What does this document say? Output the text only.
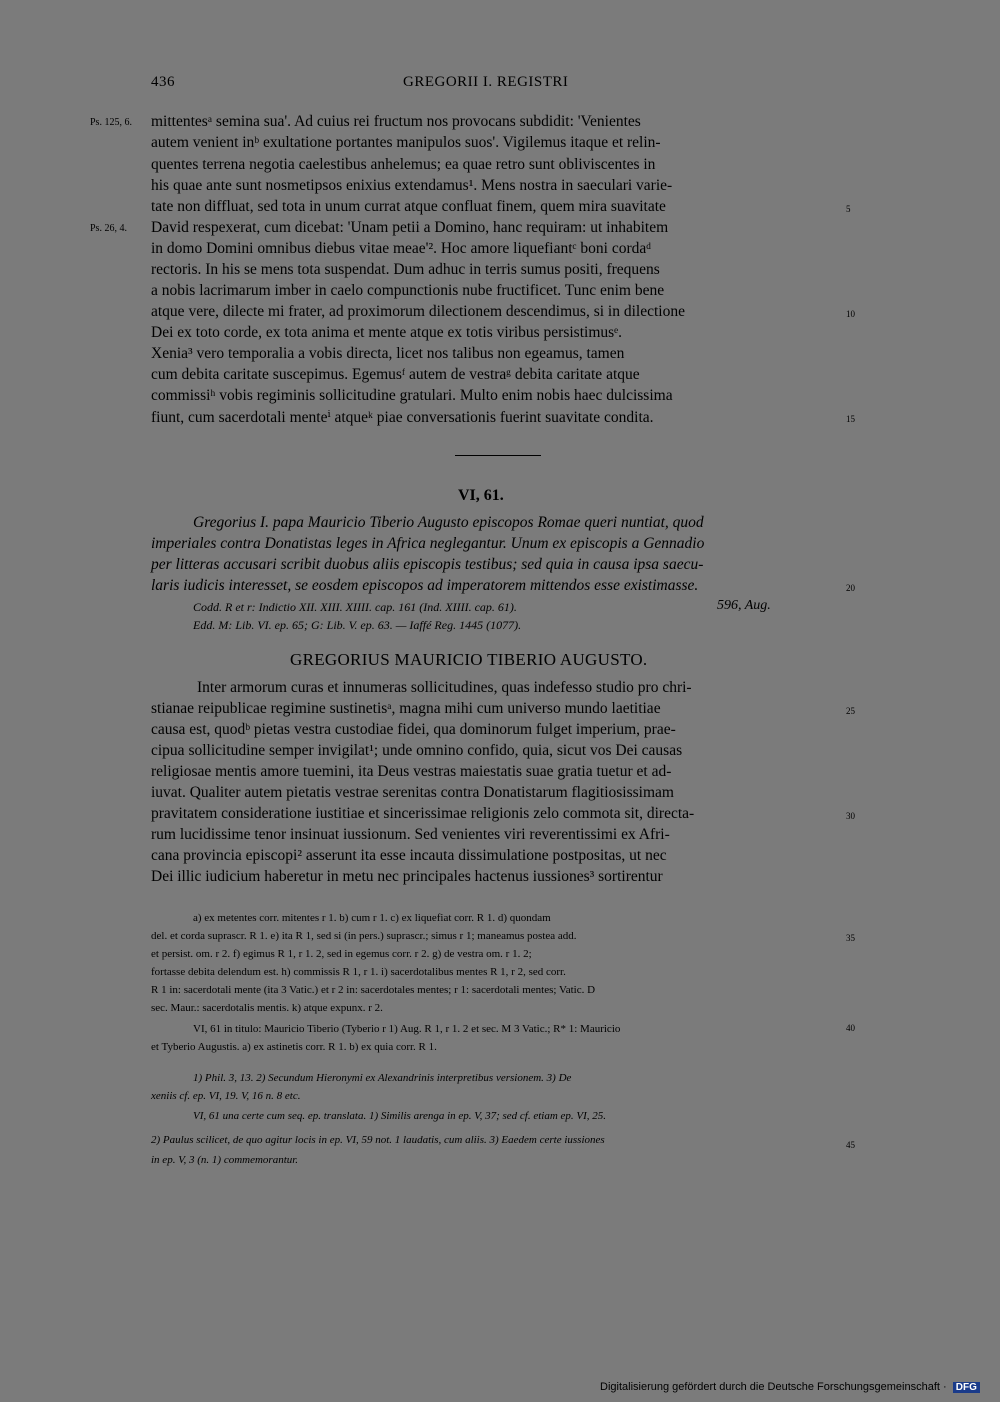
436	GREGORII I. REGISTRI
mittentesᵃ semina sua'. Ad cuius rei fructum nos provocans subdidit: 'Venientes
autem venient inᵇ exultatione portantes manipulos suos'. Vigilemus itaque et relin-
quentes terrena negotia caelestibus anhelemus; ea quae retro sunt obliviscentes in
his quae ante sunt nosmetipsos enixius extendamus¹. Mens nostra in saeculari varie-
tate non diffluat, sed tota in unum currat atque confluat finem, quem mira suavitate
David respexerat, cum dicebat: 'Unam petii a Domino, hanc requiram: ut inhabitem
in domo Domini omnibus diebus vitae meae'². Hoc amore liquefiantᶜ boni cordaᵈ
rectoris. In his se mens tota suspendat. Dum adhuc in terris sumus positi, frequens
a nobis lacrimarum imber in caelo compunctionis nube fructificet. Tunc enim bene
atque vere, dilecte mi frater, ad proximorum dilectionem descendimus, si in dilectione
Dei ex toto corde, ex tota anima et mente atque ex totis viribus persistimusᵉ.
Xenia³ vero temporalia a vobis directa, licet nos talibus non egeamus, tamen
cum debita caritate suscepimus. Egemusᶠ autem de vestraᵍ debita caritate atque
commissiʰ vobis regiminis sollicitudine gratulari. Multo enim nobis haec dulcissima
fiunt, cum sacerdotali menteⁱ atqueᵏ piae conversationis fuerint suavitate condita.
Ps. 125, 6.
Ps. 26, 4.
5
10
15
VI, 61.
Gregorius I. papa Mauricio Tiberio Augusto episcopos Romae queri nuntiat, quod
imperiales contra Donatistas leges in Africa neglegantur. Unum ex episcopis a Gennadio
per litteras accusari scribit duobus aliis episcopis testibus; sed quia in causa ipsa saecu-
laris iudicis interesset, se eosdem episcopos ad imperatorem mittendos esse existimasse.
Codd. R et r: Indictio XII. XIII. XIIII. cap. 161 (Ind. XIIII. cap. 61).	596, Aug.
Edd. M: Lib. VI. ep. 65; G: Lib. V. ep. 63. — Iaffé Reg. 1445 (1077).
GREGORIUS MAURICIO TIBERIO AUGUSTO.
Inter armorum curas et innumeras sollicitudines, quas indefesso studio pro chri-
stianae reipublicae regimine sustinetisᵃ, magna mihi cum universo mundo laetitiae
causa est, quodᵇ pietas vestra custodiae fidei, qua dominorum fulget imperium, prae-
cipua sollicitudine semper invigilat¹; unde omnino confido, quia, sicut vos Dei causas
religiosae mentis amore tuemini, ita Deus vestras maiestatis suae gratia tuetur et ad-
iuvat. Qualiter autem pietatis vestrae serenitas contra Donatistarum flagitiosissimam
pravitatem consideratione iustitiae et sincerissimae religionis zelo commota sit, directa-
rum lucidissime tenor insinuat iussionum. Sed venientes viri reverentissimi ex Afri-
cana provincia episcopi² asserunt ita esse incauta dissimulatione postpositas, ut nec
Dei illic iudicium haberetur in metu nec principales hactenus iussiones³ sortirentur
20
25
30
35
40
45
a) ex metentes corr. mitentes r 1. b) cum r 1. c) ex liquefiat corr. R 1. d) quondam
del. et corda suprascr. R 1. e) ita R 1, sed si (in pers.) suprascr.; simus r 1; maneamus postea add.
et persist. om. r 2. f) egimus R 1, r 1. 2, sed in egemus corr. r 2. g) de vestra om. r 1. 2;
fortasse debita delendum est. h) commissis R 1, r 1. i) sacerdotalibus mentes R 1, r 2, sed corr.
R 1 in: sacerdotali mente (ita 3 Vatic.) et r 2 in: sacerdotales mentes; r 1: sacerdotali mentes; Vatic. D
sec. Maur.: sacerdotalis mentis. k) atque expunx. r 2.
VI, 61 in titulo: Mauricio Tiberio (Tyberio r 1) Aug. R 1, r 1. 2 et sec. M 3 Vatic.; R* 1: Mauricio
et Tyberio Augustis. a) ex astinetis corr. R 1. b) ex quia corr. R 1.
1) Phil. 3, 13. 2) Secundum Hieronymi ex Alexandrinis interpretibus versionem. 3) De
xeniis cf. ep. VI, 19. V, 16 n. 8 etc.
VI, 61 una certe cum seq. ep. translata. 1) Similis arenga in ep. V, 37; sed cf. etiam ep. VI, 25.
2) Paulus scilicet, de quo agitur locis in ep. VI, 59 not. 1 laudatis, cum aliis. 3) Eaedem certe iussiones
in ep. V, 3 (n. 1) commemorantur.
Digitalisierung gefördert durch die Deutsche Forschungsgemeinschaft · DFG
